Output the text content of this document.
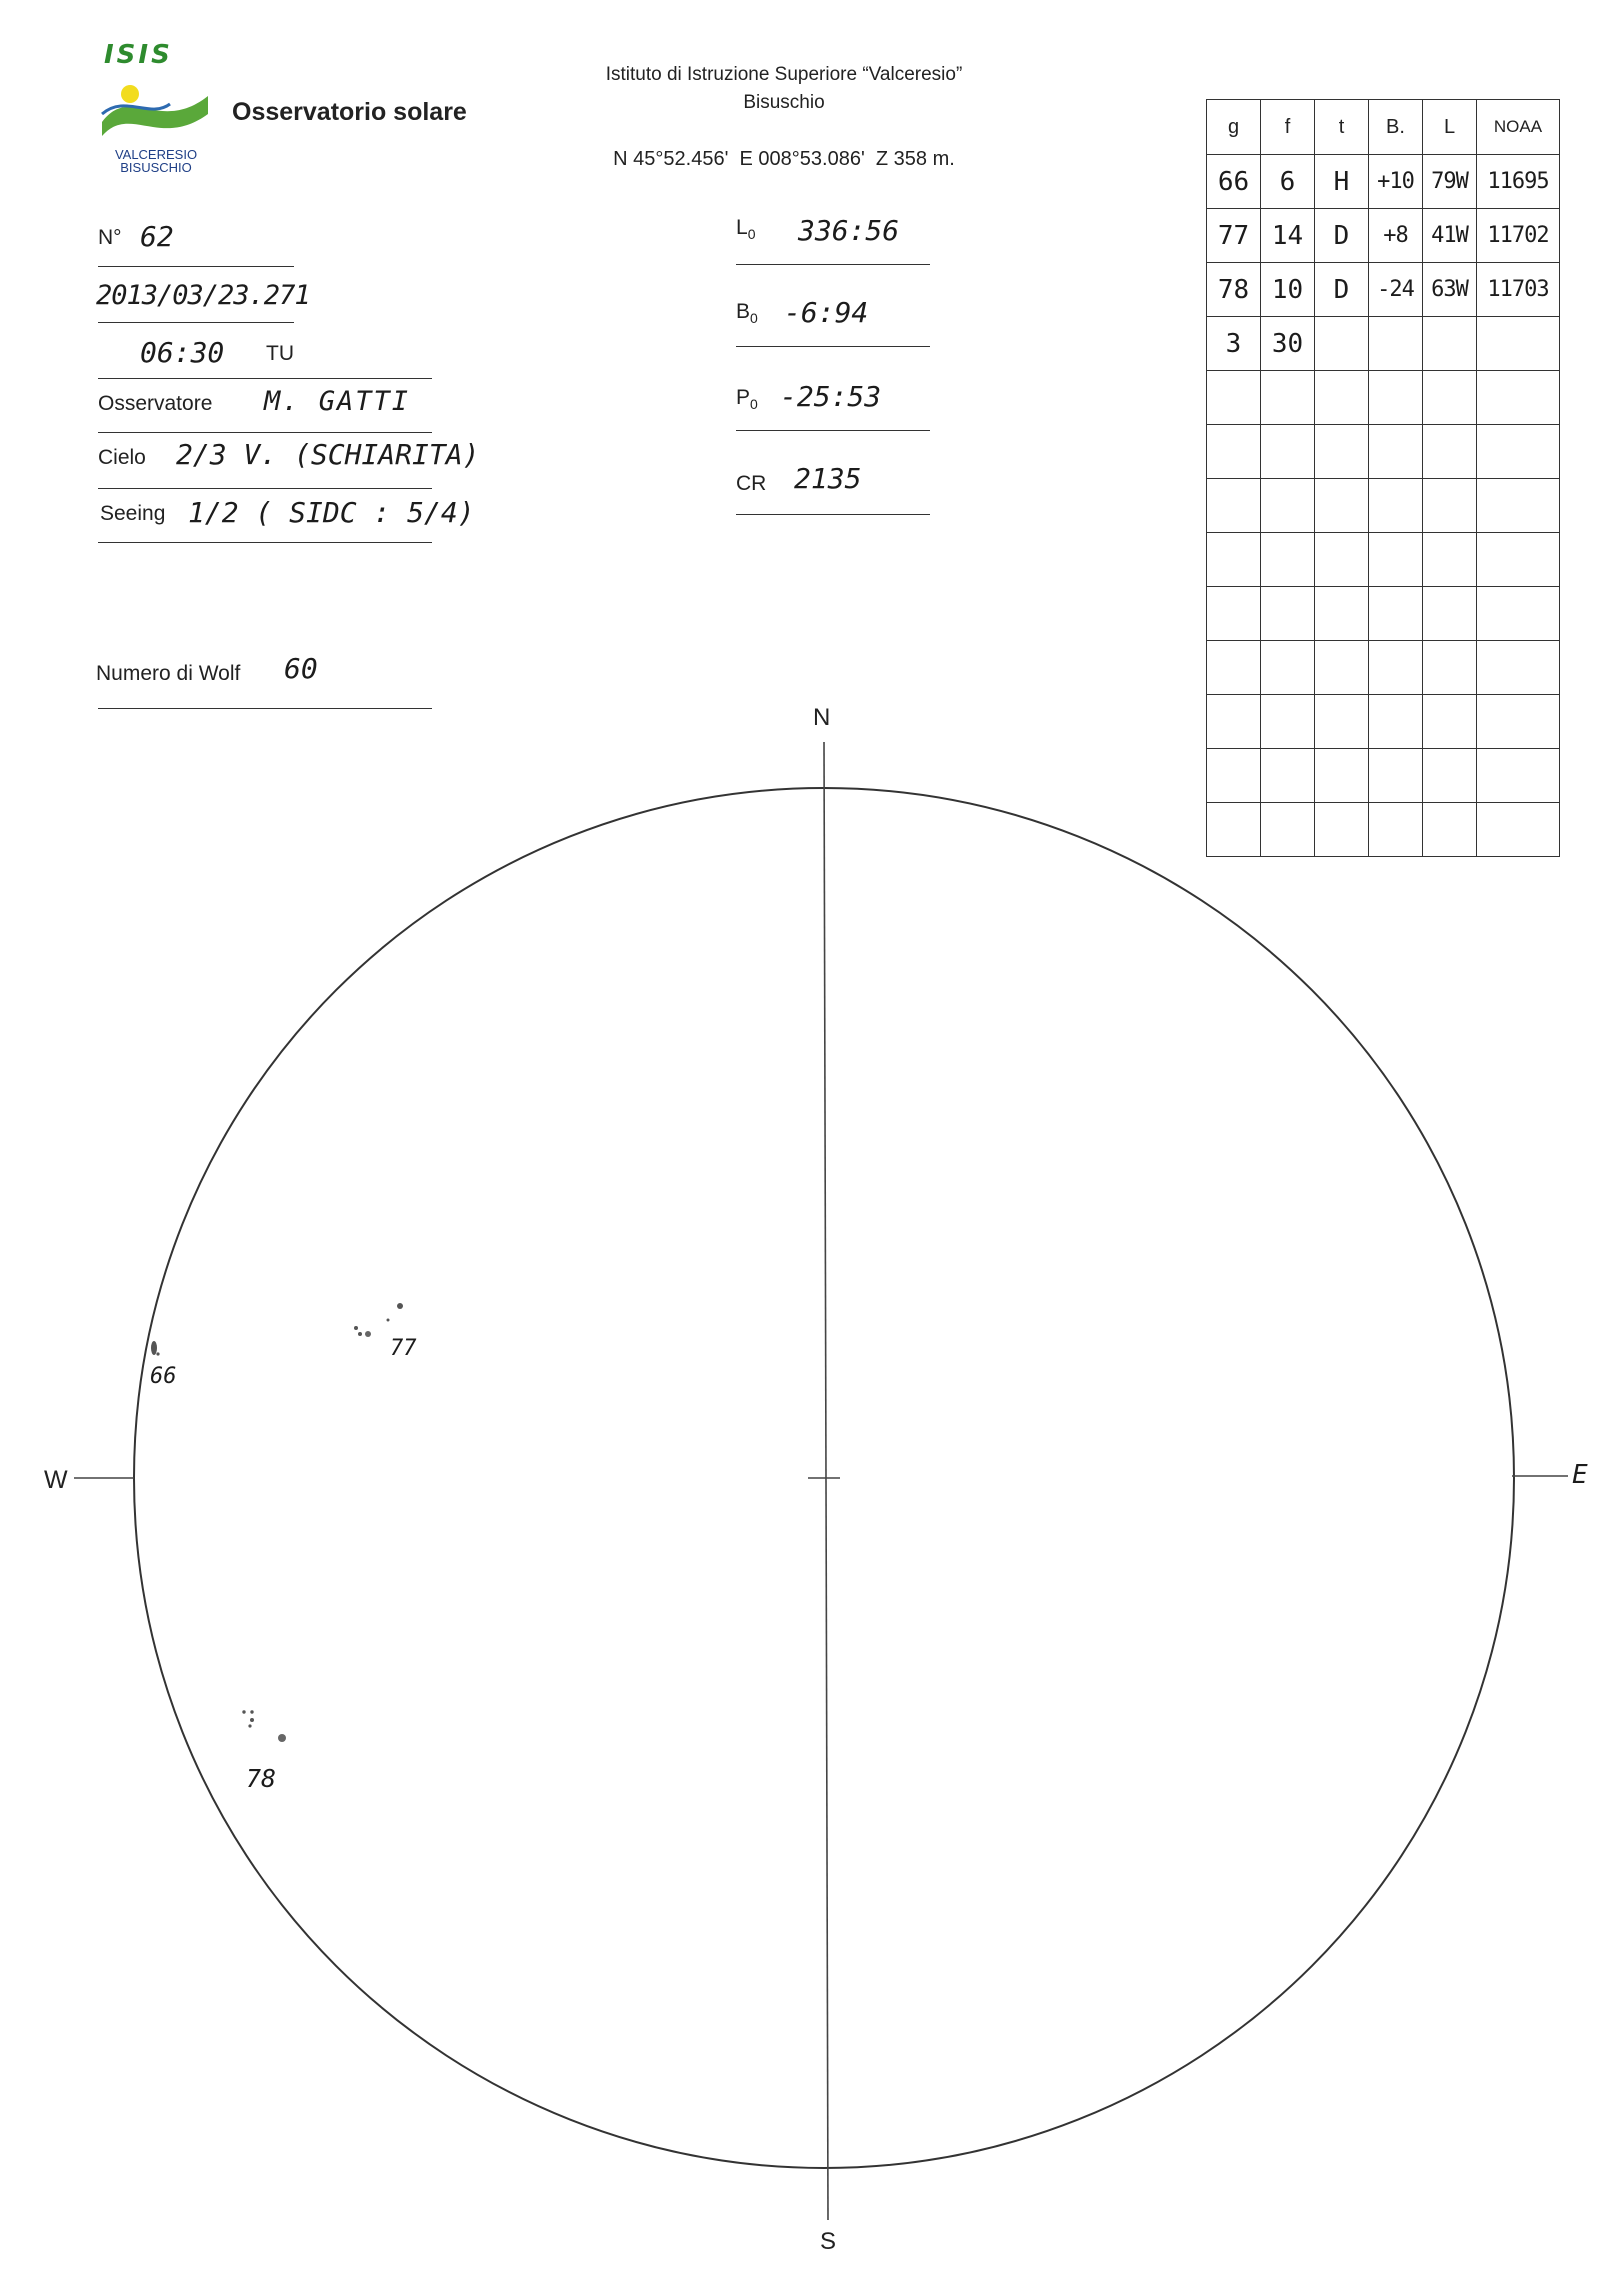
ISIS
VALCERESIO
BISUSCHIO
Osservatorio solare
Istituto di Istruzione Superiore “Valceresio”
Bisuschio
N 45°52.456'  E 008°53.086'  Z 358 m.
N° 62
2013/03/23.271
06:30 TU
Osservatore M. GATTI
Cielo 2/3 V. (SCHIARITA)
Seeing 1/2 ( SIDC : 5/4)
Numero di Wolf 60
$L_0$ 336:56
$B_0$ -6:94
$P_0$ -25:53
CR 2135
g	f	t	B.	L	NOAA
66	6	H	+10	79W	11695
77	14	D	+8	41W	11702
78	10	D	-24	63W	11703
3	30				

N
S
W	E
66
77
78
